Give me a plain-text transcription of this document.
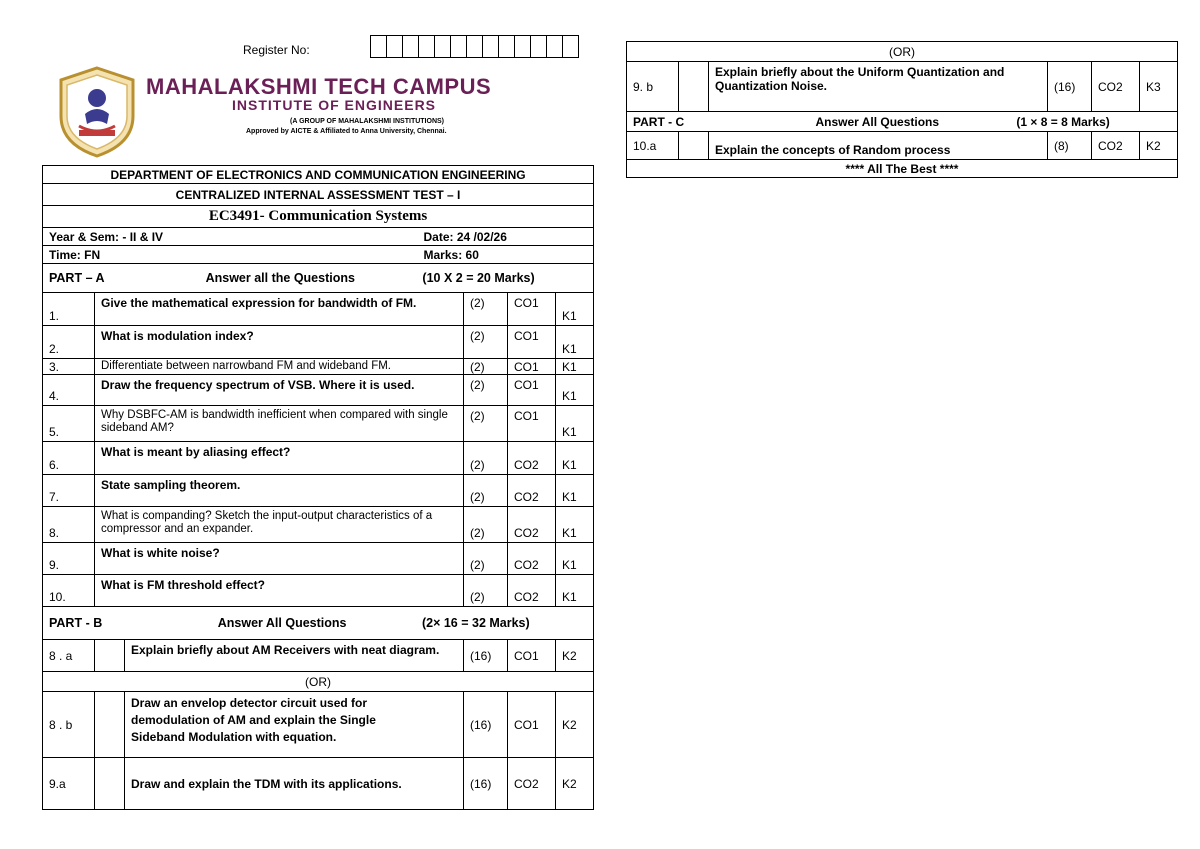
Register No:
MAHALAKSHMI TECH CAMPUS
INSTITUTE OF ENGINEERS
(A GROUP OF MAHALAKSHMI INSTITUTIONS)
Approved by AICTE & Affiliated to Anna University, Chennai.
DEPARTMENT OF ELECTRONICS AND COMMUNICATION ENGINEERING					
CENTRALIZED INTERNAL ASSESSMENT TEST – I					
EC3491- Communication Systems					
Year & Sem: - II & IV			Date: 24 /02/26		
Time: FN			Marks: 60		
PART – A Answer all the Questions (10 X 2 = 20 Marks)					
1.	Give the mathematical expression for bandwidth of FM.		(2)	CO1	K1
2.	What is modulation index?		(2)	CO1	K1
3.	Differentiate between narrowband FM and wideband FM.		(2)	CO1	K1
4.	Draw the frequency spectrum of VSB. Where it is used.		(2)	CO1	K1
5.	Why DSBFC-AM is bandwidth inefficient when compared with single sideband AM?		(2)	CO1	K1
6.	What is meant by aliasing effect?		(2)	CO2	K1
7.	State sampling theorem.		(2)	CO2	K1
8.	What is companding? Sketch the input-output characteristics of a compressor and an expander.		(2)	CO2	K1
9.	What is white noise?		(2)	CO2	K1
10.	What is FM threshold effect?		(2)	CO2	K1
PART - B Answer All Questions (2× 16 = 32 Marks)					
8 . a		Explain briefly about AM Receivers with neat diagram.	(16)	CO1	K2
(OR)					
8 . b		Draw an envelop detector circuit used for demodulation of AM and explain the Single Sideband Modulation with equation.	(16)	CO1	K2
9.a		Draw and explain the TDM with its applications.	(16)	CO2	K2
(OR)					
9. b		Explain briefly about the Uniform Quantization and Quantization Noise.	(16)	CO2	K3
PART - C Answer All Questions (1 × 8 = 8 Marks)					
10.a		Explain the concepts of Random process	(8)	CO2	K2
**** All The Best ****					
